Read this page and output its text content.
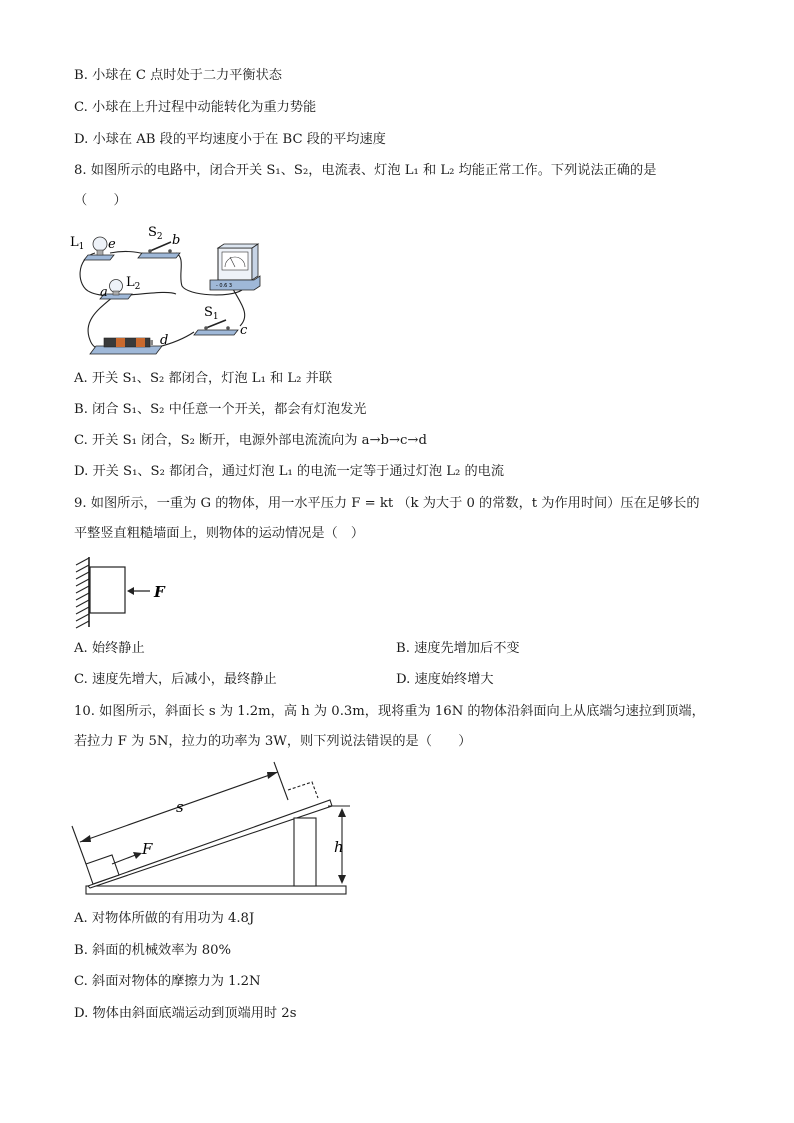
B. 小球在 C 点时处于二力平衡状态
C. 小球在上升过程中动能转化为重力势能
D. 小球在 AB 段的平均速度小于在 BC 段的平均速度
8. 如图所示的电路中，闭合开关 S₁、S₂，电流表、灯泡 L₁ 和 L₂ 均能正常工作。下列说法正确的是
（　　）
$L_1$ e
$S_2$ b
- 0.6 3
a
$L_2$
$S_1$
c
d
A. 开关 S₁、S₂ 都闭合，灯泡 L₁ 和 L₂ 并联
B. 闭合 S₁、S₂ 中任意一个开关，都会有灯泡发光
C. 开关 S₁ 闭合，S₂ 断开，电源外部电流流向为 a→b→c→d
D. 开关 S₁、S₂ 都闭合，通过灯泡 L₁ 的电流一定等于通过灯泡 L₂ 的电流
9. 如图所示，一重为 G 的物体，用一水平压力 F = kt （k 为大于 0 的常数，t 为作用时间）压在足够长的
平整竖直粗糙墙面上，则物体的运动情况是（　）
F
A. 始终静止	B. 速度先增加后不变
C. 速度先增大，后减小，最终静止	D. 速度始终增大
10. 如图所示，斜面长 s 为 1.2m，高 h 为 0.3m，现将重为 16N 的物体沿斜面向上从底端匀速拉到顶端，
若拉力 F 为 5N，拉力的功率为 3W，则下列说法错误的是（　　）
s
F	h
A. 对物体所做的有用功为 4.8J
B. 斜面的机械效率为 80%
C. 斜面对物体的摩擦力为 1.2N
D. 物体由斜面底端运动到顶端用时 2s
